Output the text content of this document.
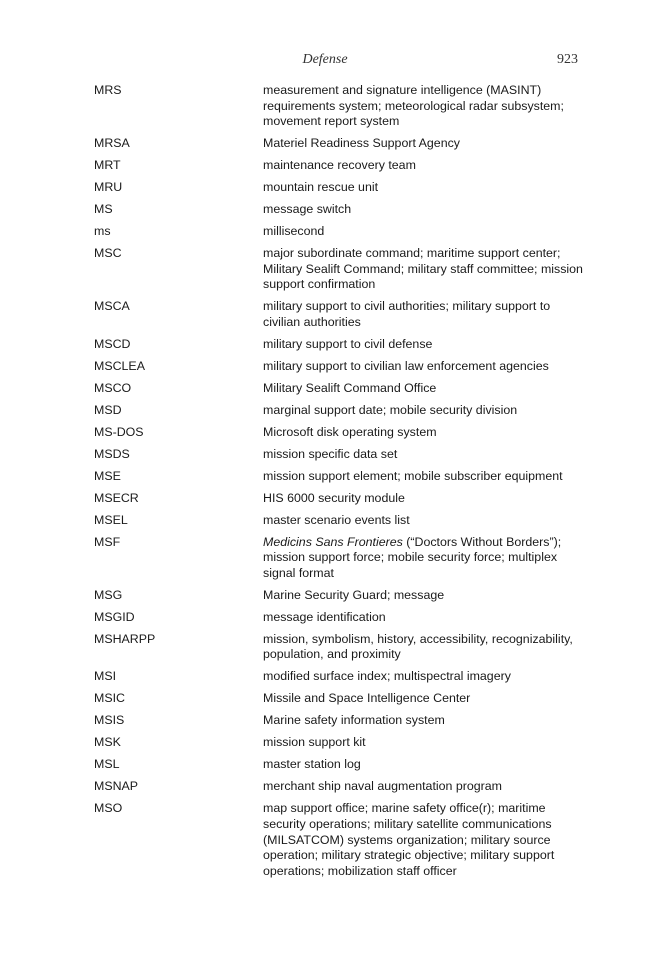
Defense	923
MRS	measurement and signature intelligence (MASINT) requirements system; meteorological radar subsystem; movement report system
MRSA	Materiel Readiness Support Agency
MRT	maintenance recovery team
MRU	mountain rescue unit
MS	message switch
ms	millisecond
MSC	major subordinate command; maritime support center; Military Sealift Command; military staff committee; mission support confirmation
MSCA	military support to civil authorities; military support to civilian authorities
MSCD	military support to civil defense
MSCLEA	military support to civilian law enforcement agencies
MSCO	Military Sealift Command Office
MSD	marginal support date; mobile security division
MS-DOS	Microsoft disk operating system
MSDS	mission specific data set
MSE	mission support element; mobile subscriber equipment
MSECR	HIS 6000 security module
MSEL	master scenario events list
MSF	Medicins Sans Frontieres (“Doctors Without Borders”); mission support force; mobile security force; multiplex signal format
MSG	Marine Security Guard; message
MSGID	message identification
MSHARPP	mission, symbolism, history, accessibility, recognizability, population, and proximity
MSI	modified surface index; multispectral imagery
MSIC	Missile and Space Intelligence Center
MSIS	Marine safety information system
MSK	mission support kit
MSL	master station log
MSNAP	merchant ship naval augmentation program
MSO	map support office; marine safety office(r); maritime security operations; military satellite communications (MILSATCOM) systems organization; military source operation; military strategic objective; military support operations; mobilization staff officer
